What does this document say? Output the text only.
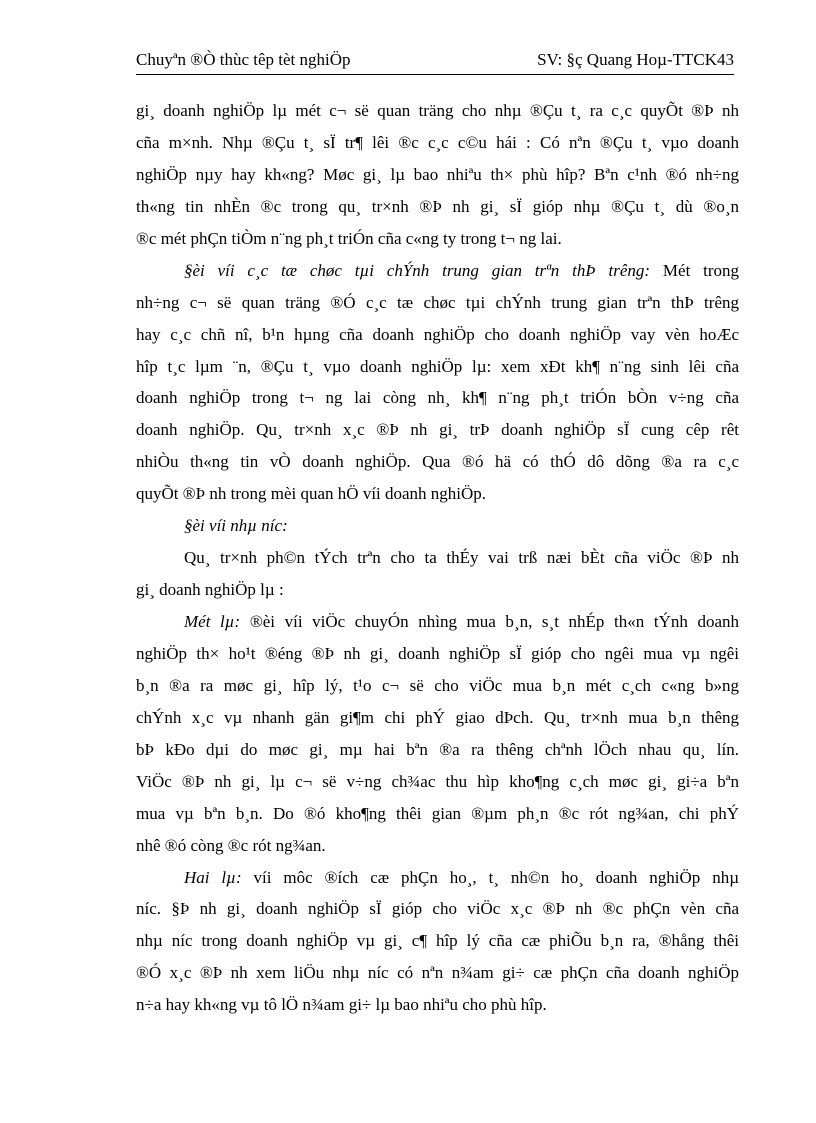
Chuyªn ®Ò thùc têp tèt nghiÖp	SV: §ç Quang Hoµ-TTCK43
gi¸ doanh nghiÖp lµ mét c¬ së quan träng cho nhµ ®Çu t¸ ra c¸c quyÕt ®Þ nh
cña m×nh. Nhµ ®Çu t¸ sÏ tr¶ lêi ®c c¸c c©u hái : Có nªn ®Çu t¸ vµo doanh
nghiÖp nµy hay kh«ng? Møc gi¸ lµ bao nhiªu th× phù hîp? Bªn c¹nh ®ó nh÷ng
th«ng tin nhÈn ®c trong qu¸ tr×nh ®Þ nh gi¸ sÏ gióp nhµ ®Çu t¸ dù ®o¸n
®c mét phÇn tiÒm n¨ng ph¸t triÓn cña c«ng ty trong t¬ ng lai.
§èi víi c¸c tæ chøc tµi chÝnh trung gian trªn thÞ trêng: Mét trong
nh÷ng c¬ së quan träng ®Ó c¸c tæ chøc tµi chÝnh trung gian trªn thÞ trêng
hay c¸c chñ nî, b¹n hµng cña doanh nghiÖp cho doanh nghiÖp vay vèn hoÆc
hîp t¸c lµm ¨n, ®Çu t¸ vµo doanh nghiÖp lµ: xem xÐt kh¶ n¨ng sinh lêi cña
doanh nghiÖp trong t¬ ng lai còng nh¸ kh¶ n¨ng ph¸t triÓn bÒn v÷ng cña
doanh nghiÖp. Qu¸ tr×nh x¸c ®Þ nh gi¸ trÞ doanh nghiÖp sÏ cung cêp rêt
nhiÒu th«ng tin vÒ doanh nghiÖp. Qua ®ó hä có thÓ dô dõng ®a ra c¸c
quyÕt ®Þ nh trong mèi quan hÖ víi doanh nghiÖp.
§èi víi nhµ níc:
Qu¸ tr×nh ph©n tÝch trªn cho ta thÉy vai trß næi bÈt cña viÖc ®Þ nh
gi¸ doanh nghiÖp lµ :
Mét lµ: ®èi víi viÖc chuyÓn nhìng mua b¸n, s¸t nhÉp th«n tÝnh doanh
nghiÖp th× ho¹t ®éng ®Þ nh gi¸ doanh nghiÖp sÏ gióp cho ngêi mua vµ ngêi
b¸n ®a ra møc gi¸ hîp lý, t¹o c¬ së cho viÖc mua b¸n mét c¸ch c«ng b»ng
chÝnh x¸c vµ nhanh gän gi¶m chi phÝ giao dÞch. Qu¸ tr×nh mua b¸n thêng
bÞ kÐo dµi do møc gi¸ mµ hai bªn ®a ra thêng chªnh lÖch nhau qu¸ lín.
ViÖc ®Þ nh gi¸ lµ c¬ së v÷ng ch¾ac thu hìp kho¶ng c¸ch møc gi¸ gi÷a bªn
mua vµ bªn b¸n. Do ®ó kho¶ng thêi gian ®µm ph¸n ®c rót ng¾an, chi phÝ
nhê ®ó còng ®c rót ng¾an.
Hai lµ: víi môc ®ích cæ phÇn ho¸, t¸ nh©n ho¸ doanh nghiÖp nhµ
níc. §Þ nh gi¸ doanh nghiÖp sÏ gióp cho viÖc x¸c ®Þ nh ®c phÇn vèn cña
nhµ níc trong doanh nghiÖp vµ gi¸ c¶ hîp lý cña cæ phiÕu b¸n ra, ®hång thêi
®Ó x¸c ®Þ nh xem liÖu nhµ níc có nªn n¾am gi÷ cæ phÇn cña doanh nghiÖp
n÷a hay kh«ng vµ tô lÖ n¾am gi÷ lµ bao nhiªu cho phù hîp.
